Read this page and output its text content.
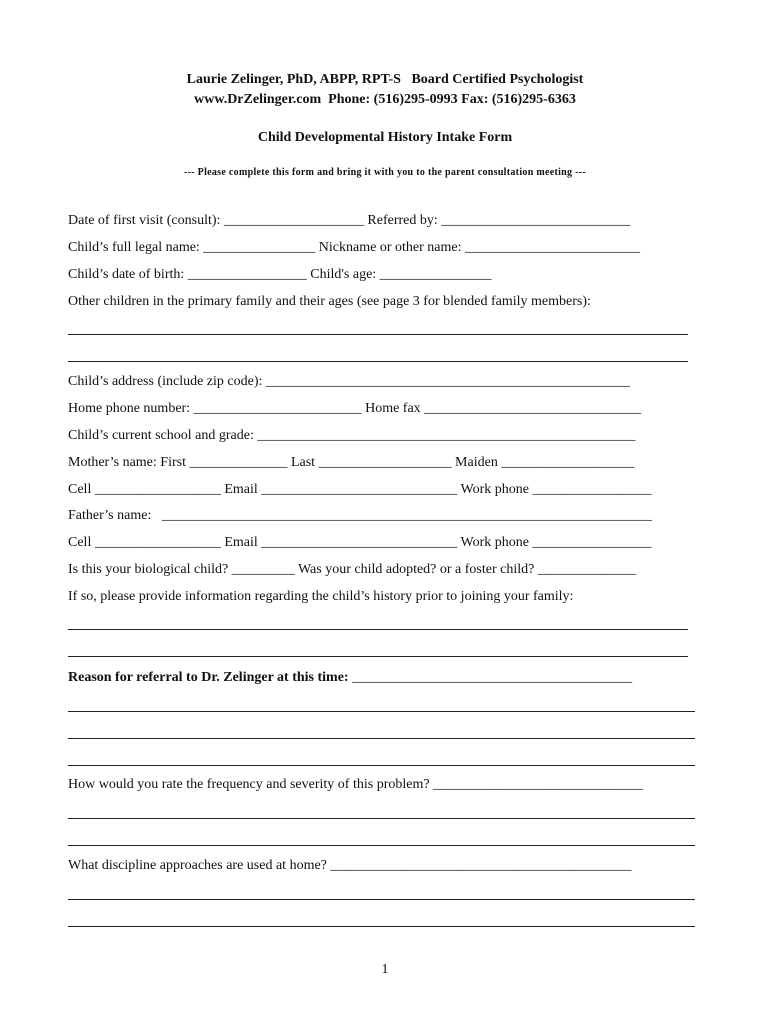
Laurie Zelinger, PhD, ABPP, RPT-S   Board Certified Psychologist
www.DrZelinger.com  Phone: (516)295-0993 Fax: (516)295-6363
Child Developmental History Intake Form
--- Please complete this form and bring it with you to the parent consultation meeting ---
Date of first visit (consult): ____________________ Referred by: ___________________________
Child’s full legal name: ________________ Nickname or other name: _________________________
Child’s date of birth: _________________ Child's age: ________________
Other children in the primary family and their ages (see page 3 for blended family members):
Child’s address (include zip code): ____________________________________________________
Home phone number: ________________________ Home fax _______________________________
Child’s current school and grade: ______________________________________________________
Mother’s name: First ______________ Last ___________________ Maiden ___________________
Cell __________________ Email ____________________________ Work phone _________________
Father’s name:   ______________________________________________________________________
Cell __________________ Email ____________________________ Work phone _________________
Is this your biological child? _________ Was your child adopted? or a foster child? ______________
If so, please provide information regarding the child’s history prior to joining your family:
Reason for referral to Dr. Zelinger at this time: ________________________________________
How would you rate the frequency and severity of this problem? ______________________________
What discipline approaches are used at home? ___________________________________________
1
